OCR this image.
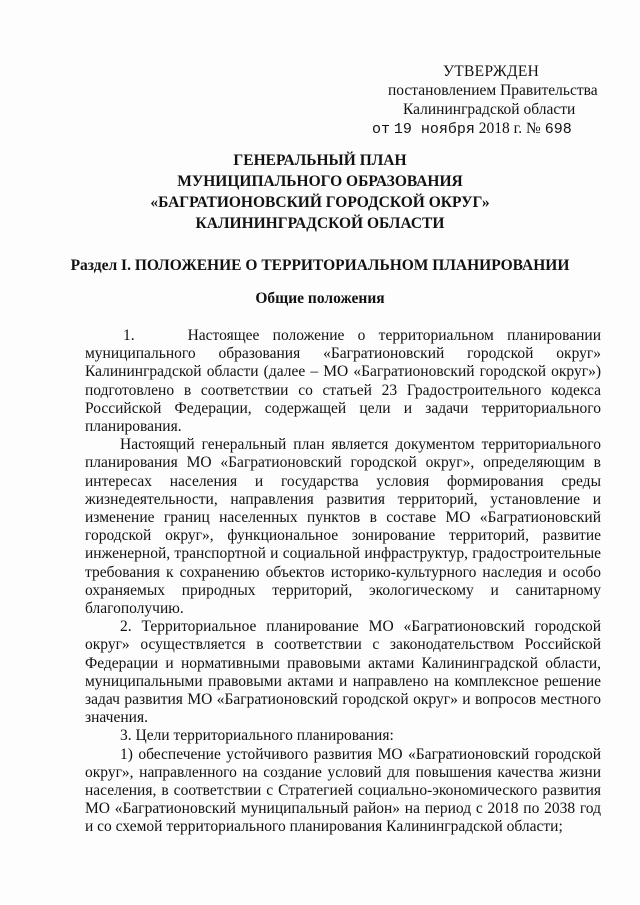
УТВЕРЖДЕН
постановлением Правительства
Калининградской области
от 19 ноября 2018 г. № 698
ГЕНЕРАЛЬНЫЙ ПЛАН
МУНИЦИПАЛЬНОГО ОБРАЗОВАНИЯ
«БАГРАТИОНОВСКИЙ ГОРОДСКОЙ ОКРУГ»
КАЛИНИНГРАДСКОЙ ОБЛАСТИ
Раздел I. ПОЛОЖЕНИЕ О ТЕРРИТОРИАЛЬНОМ ПЛАНИРОВАНИИ
Общие положения

1.    Настоящее положение о территориальном планировании муниципального образования «Багратионовский городской округ» Калининградской области (далее – МО «Багратионовский городской округ») подготовлено в соответствии со статьей 23 Градостроительного кодекса Российской Федерации, содержащей цели и задачи территориального планирования.

Настоящий генеральный план является документом территориального планирования МО «Багратионовский городской округ», определяющим в интересах населения и государства условия формирования среды жизнедеятельности, направления развития территорий, установление и изменение границ населенных пунктов в составе МО «Багратионовский городской округ», функциональное зонирование территорий, развитие инженерной, транспортной и социальной инфраструктур, градостроительные требования к сохранению объектов историко-культурного наследия и особо охраняемых природных территорий, экологическому и санитарному благополучию.

2. Территориальное планирование МО «Багратионовский городской округ» осуществляется в соответствии с законодательством Российской Федерации и нормативными правовыми актами Калининградской области, муниципальными правовыми актами и направлено на комплексное решение задач развития МО «Багратионовский городской округ» и вопросов местного значения.

3. Цели территориального планирования:

1) обеспечение устойчивого развития МО «Багратионовский городской округ», направленного на создание условий для повышения качества жизни населения, в соответствии с Стратегией социально-экономического развития МО «Багратионовский муниципальный район» на период с 2018 по 2038 год и со схемой территориального планирования Калининградской области;
